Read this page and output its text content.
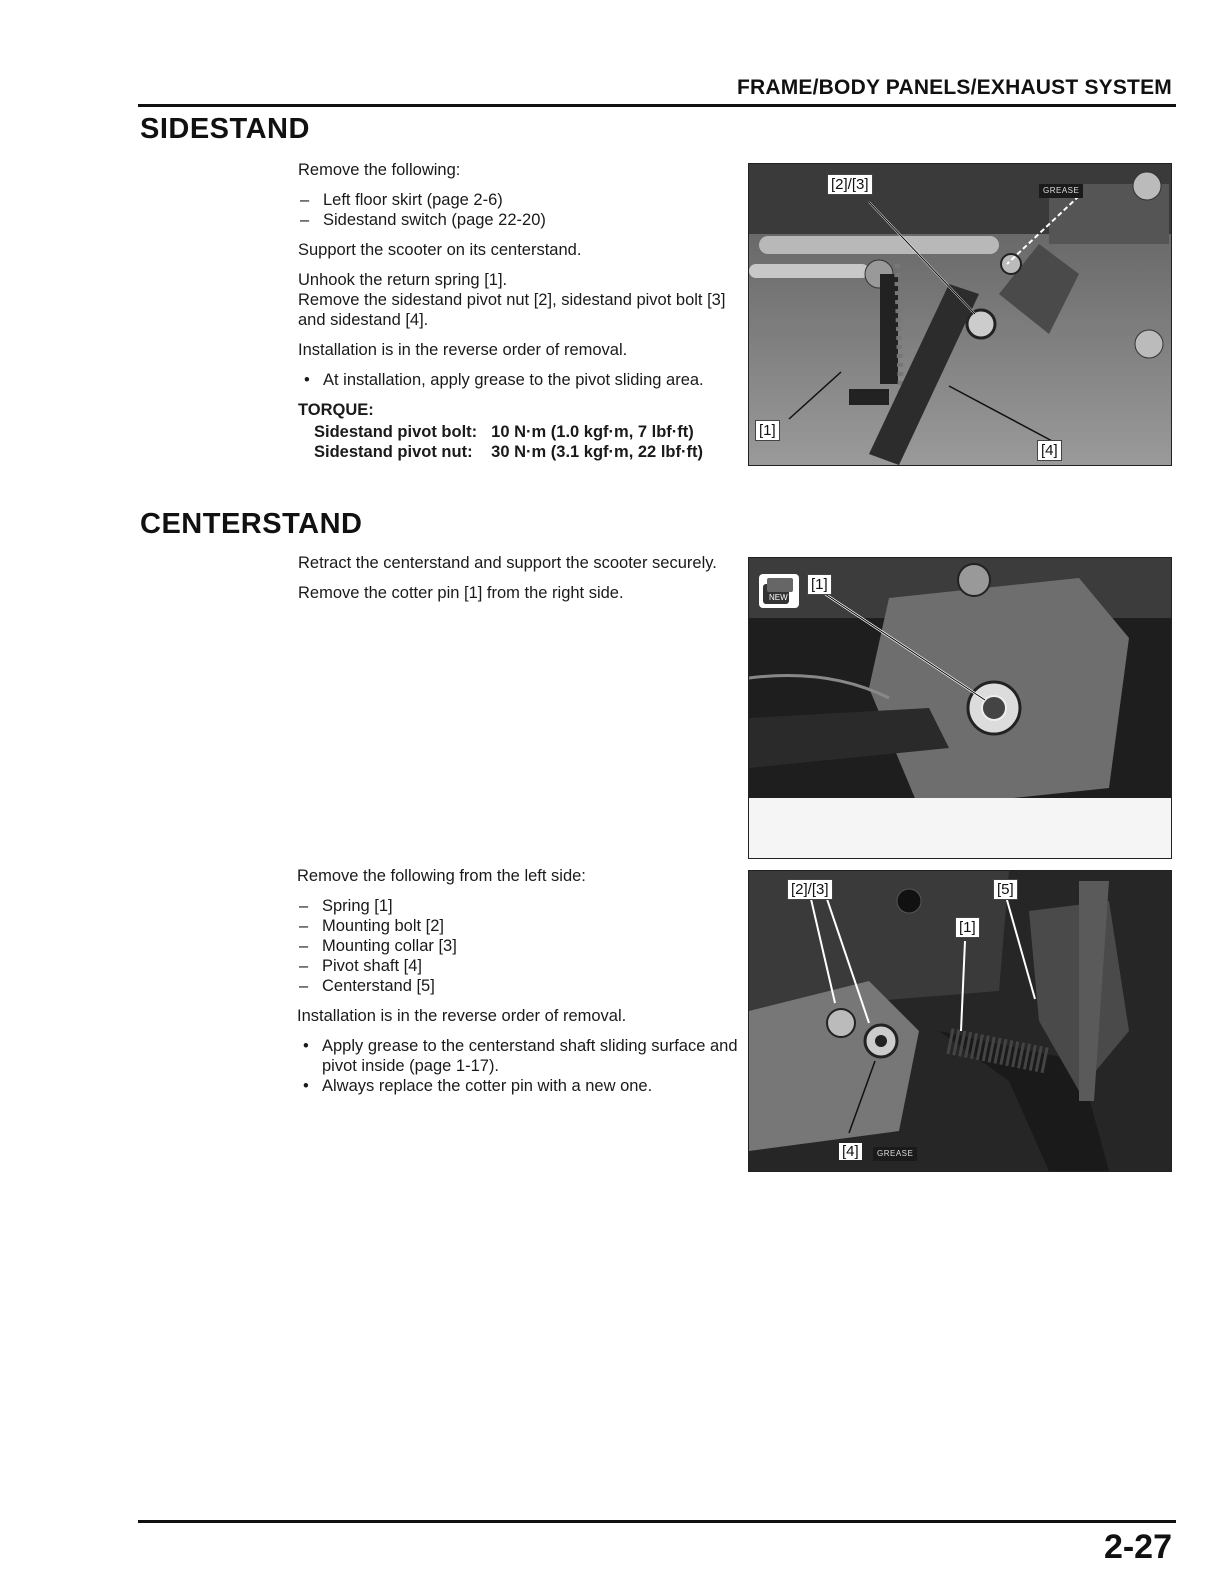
FRAME/BODY PANELS/EXHAUST SYSTEM
SIDESTAND

Remove the following:

– Left floor skirt (page 2-6)
– Sidestand switch (page 22-20)

Support the scooter on its centerstand.

Unhook the return spring [1].

Remove the sidestand pivot nut [2], sidestand pivot bolt [3] and sidestand [4].

Installation is in the reverse order of removal.

• At installation, apply grease to the pivot sliding area.

TORQUE:

Sidestand pivot bolt:	10 N·m (1.0 kgf·m, 7 lbf·ft)
Sidestand pivot nut:	30 N·m (3.1 kgf·m, 22 lbf·ft)
[2]/[3]	GREASE
[1]
[4]
CENTERSTAND

Retract the centerstand and support the scooter securely.

Remove the cotter pin [1] from the right side.	NEW
[1]

Remove the following from the left side:

– Spring [1]
– Mounting bolt [2]
– Mounting collar [3]
– Pivot shaft [4]
– Centerstand [5]

Installation is in the reverse order of removal.

• Apply grease to the centerstand shaft sliding surface and pivot inside (page 1-17).
• Always replace the cotter pin with a new one.
[2]/[3]	[5]
[1]
[4]	GREASE
2-27
